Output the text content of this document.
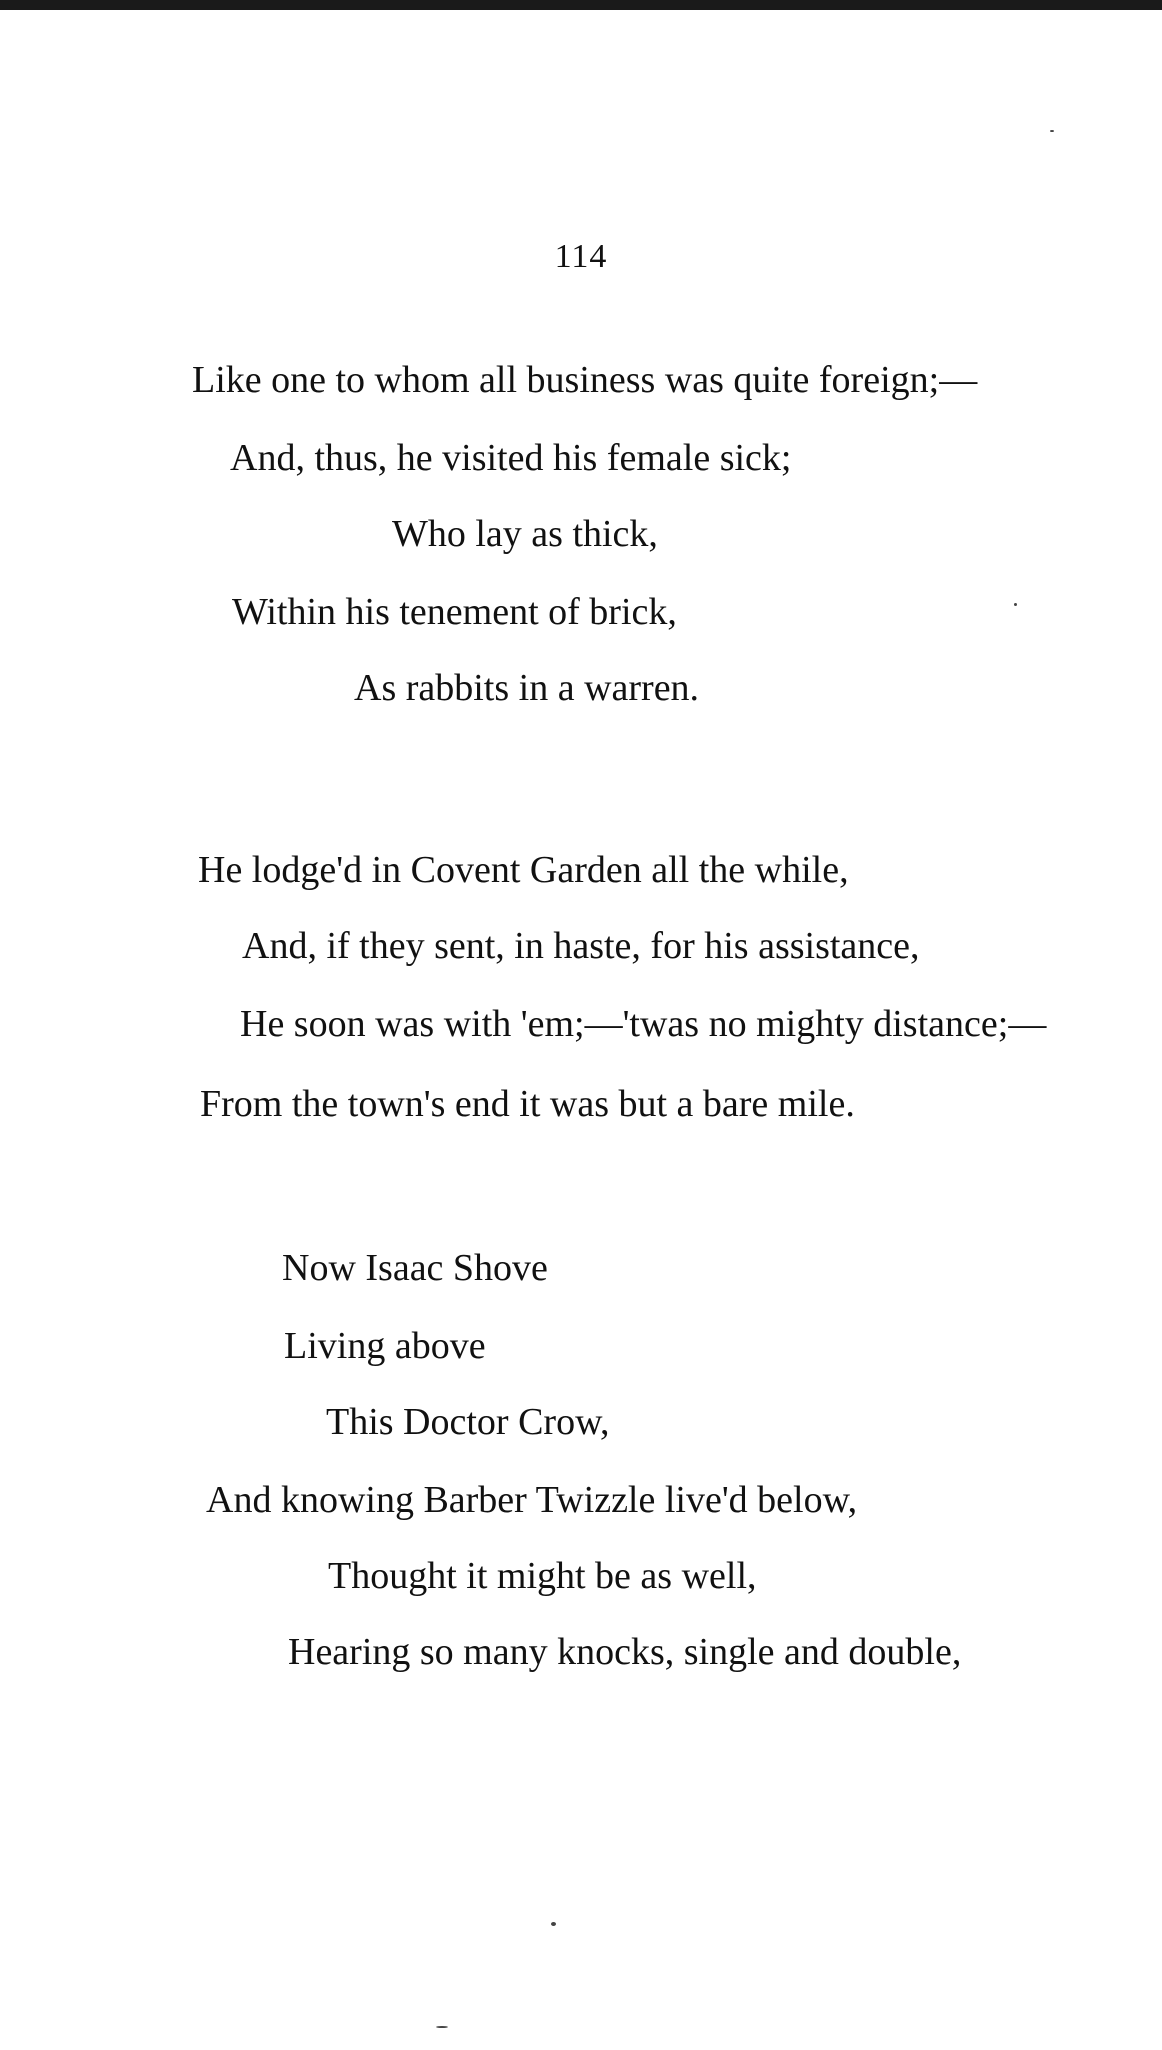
114
Like one to whom all business was quite foreign;—
And, thus, he visited his female sick;
Who lay as thick,
Within his tenement of brick,
As rabbits in a warren.
He lodge'd in Covent Garden all the while,
And, if they sent, in haste, for his assistance,
He soon was with 'em;—'twas no mighty distance;—
From the town's end it was but a bare mile.
Now Isaac Shove
Living above
This Doctor Crow,
And knowing Barber Twizzle live'd below,
Thought it might be as well,
Hearing so many knocks, single and double,
